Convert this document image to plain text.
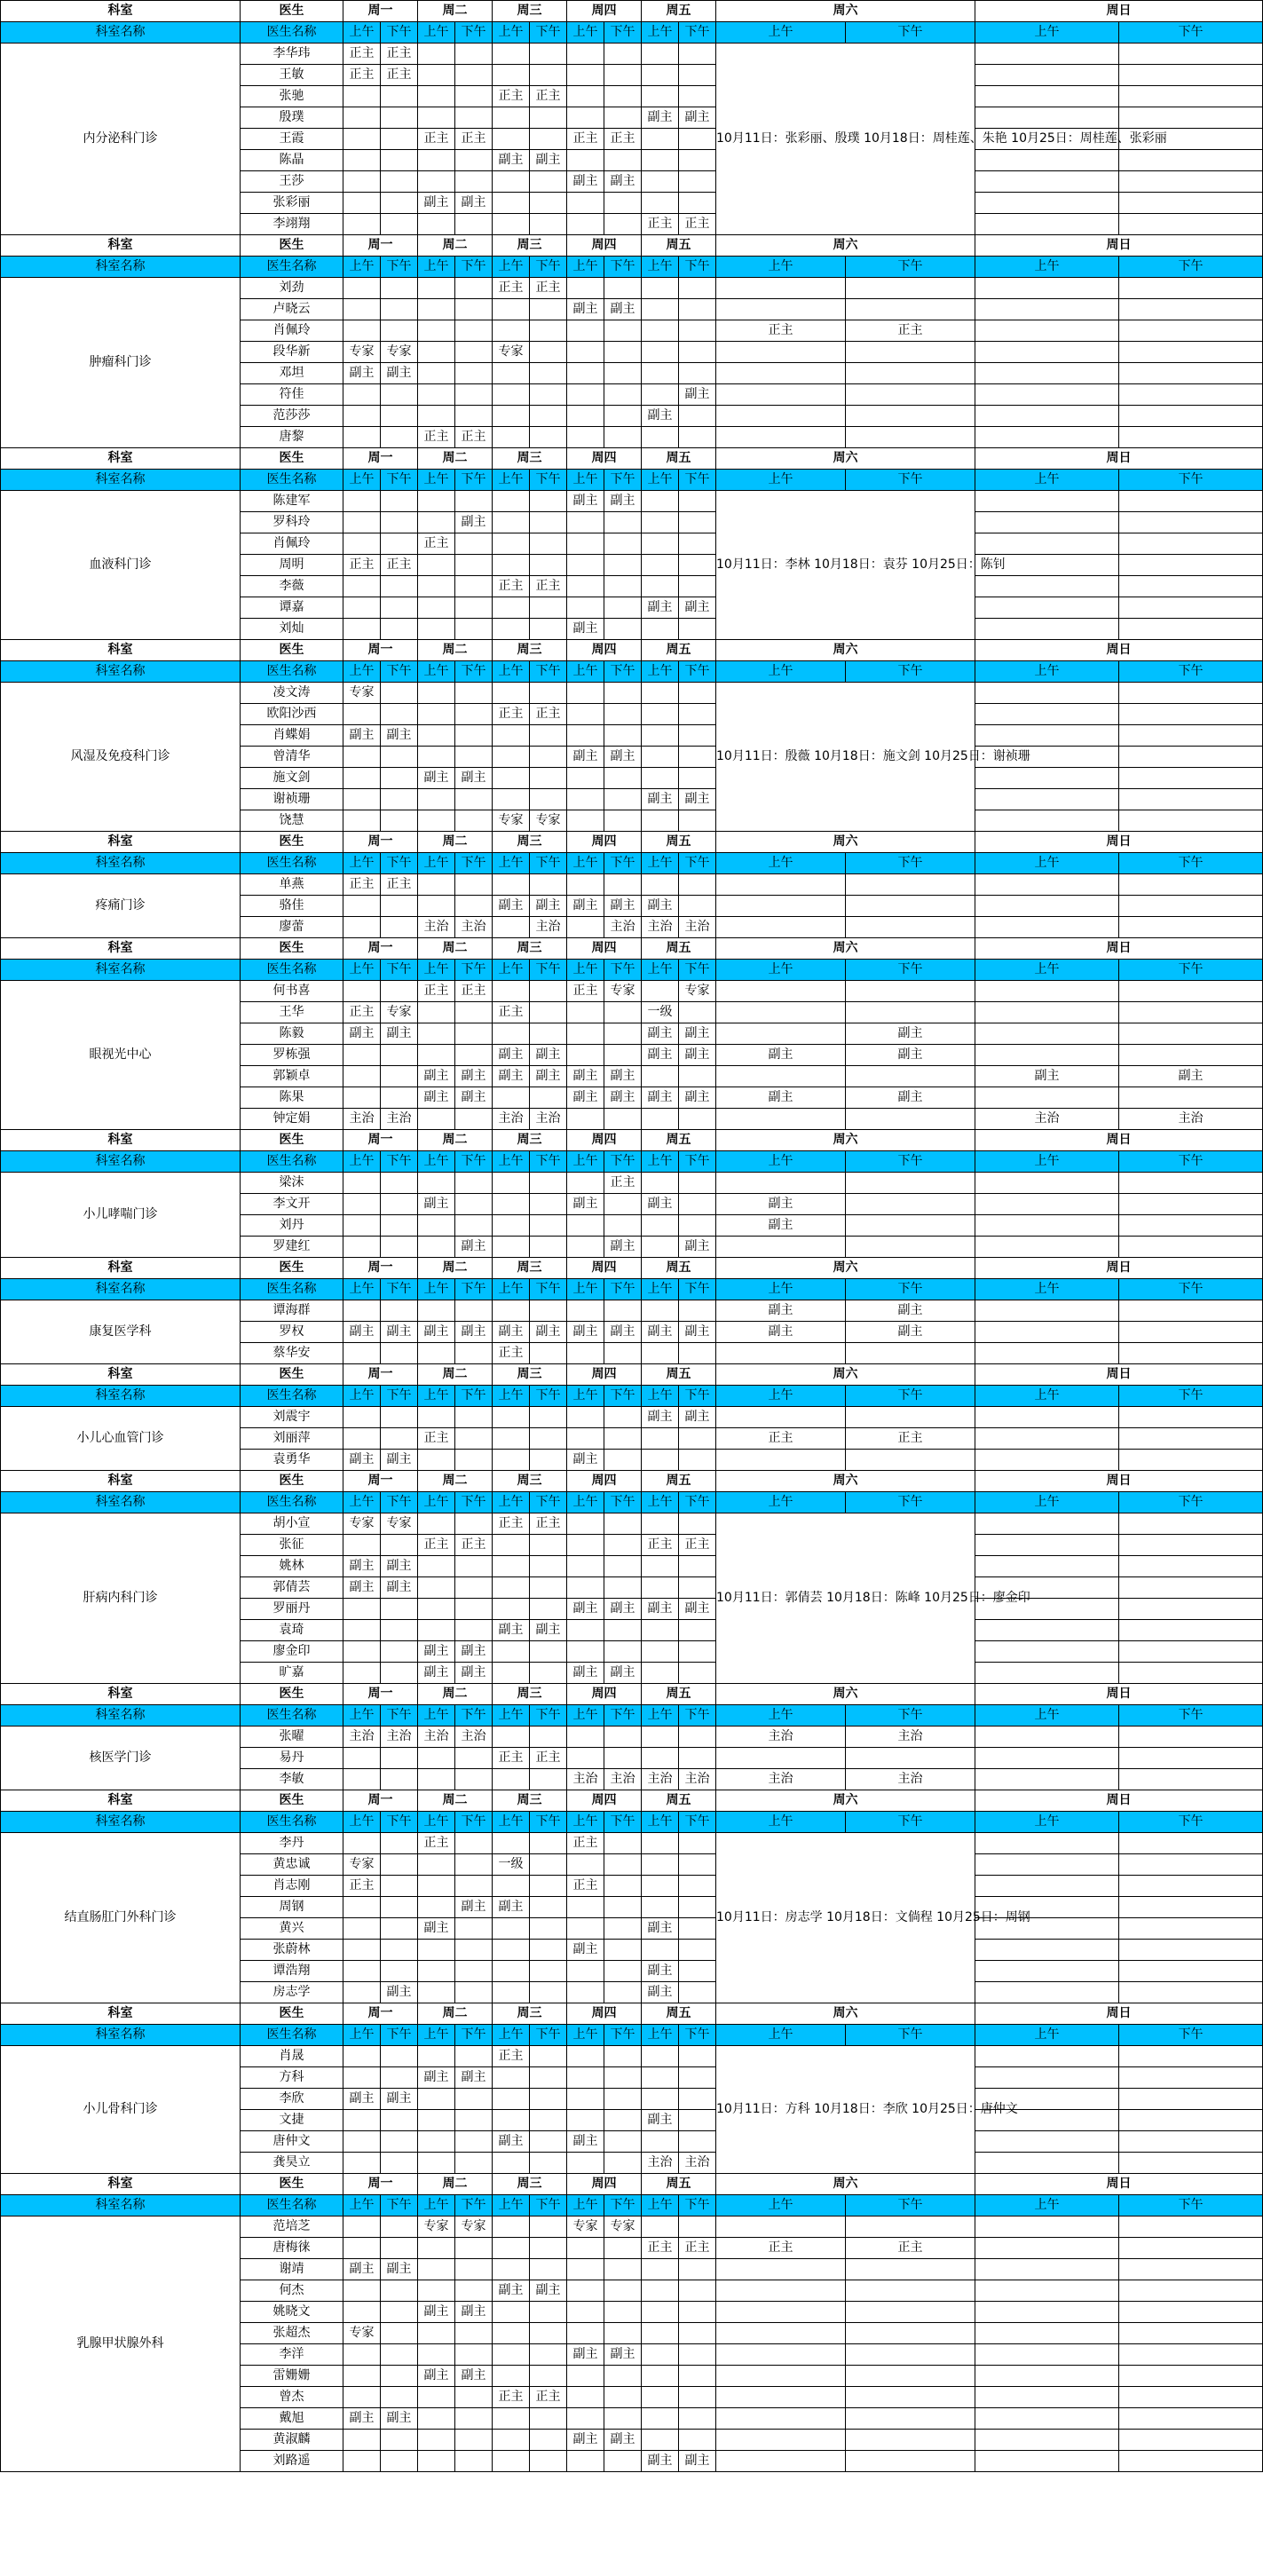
科室	医生	周一		周二		周三		周四		周五		周六		周日	
科室名称	医生名称	上午	下午	上午	下午	上午	下午	上午	下午	上午	下午	上午	下午	上午	下午
内分泌科门诊	李华玮	正主	正主									10月11日：张彩丽、殷璞 10月18日：周桂莲、朱艳 10月25日：周桂莲、张彩丽			
	王敏	正主	正主												
	张驰					正主	正主								
	殷璞									副主	副主				
	王霞			正主	正主			正主	正主						
	陈晶					副主	副主								
	王莎							副主	副主						
	张彩丽			副主	副主										
	李翊翔									正主	正主				
科室	医生	周一		周二		周三		周四		周五		周六		周日	
科室名称	医生名称	上午	下午	上午	下午	上午	下午	上午	下午	上午	下午	上午	下午	上午	下午
肿瘤科门诊	刘劲					正主	正主								
	卢晓云							副主	副主						
	肖佩玲											正主	正主		
	段华新	专家	专家			专家									
	邓坦	副主	副主												
	符佳										副主				
	范莎莎									副主					
	唐黎			正主	正主										
科室	医生	周一		周二		周三		周四		周五		周六		周日	
科室名称	医生名称	上午	下午	上午	下午	上午	下午	上午	下午	上午	下午	上午	下午	上午	下午
血液科门诊	陈建军							副主	副主			10月11日：李林 10月18日：袁芬 10月25日：陈钊			
	罗科玲				副主										
	肖佩玲			正主											
	周明	正主	正主												
	李薇					正主	正主								
	谭嘉									副主	副主				
	刘灿							副主							
科室	医生	周一		周二		周三		周四		周五		周六		周日	
科室名称	医生名称	上午	下午	上午	下午	上午	下午	上午	下午	上午	下午	上午	下午	上午	下午
风湿及免疫科门诊	凌文涛	专家										10月11日：殷薇 10月18日：施文剑 10月25日：谢祯珊			
	欧阳沙西					正主	正主								
	肖蝶娟	副主	副主												
	曾清华							副主	副主						
	施文剑			副主	副主										
	谢祯珊									副主	副主				
	饶慧					专家	专家								
科室	医生	周一		周二		周三		周四		周五		周六		周日	
科室名称	医生名称	上午	下午	上午	下午	上午	下午	上午	下午	上午	下午	上午	下午	上午	下午
疼痛门诊	单燕	正主	正主												
	骆佳					副主	副主	副主	副主	副主					
	廖蕾			主治	主治		主治		主治	主治	主治				
科室	医生	周一		周二		周三		周四		周五		周六		周日	
科室名称	医生名称	上午	下午	上午	下午	上午	下午	上午	下午	上午	下午	上午	下午	上午	下午
眼视光中心	何书喜			正主	正主			正主	专家		专家				
	王华	正主	专家			正主				一级					
	陈毅	副主	副主							副主	副主		副主		
	罗栋强					副主	副主			副主	副主	副主	副主		
	郭颖卓			副主	副主	副主	副主	副主	副主					副主	副主
	陈果			副主	副主			副主	副主	副主	副主	副主	副主		
	钟定娟	主治	主治			主治	主治							主治	主治
科室	医生	周一		周二		周三		周四		周五		周六		周日	
科室名称	医生名称	上午	下午	上午	下午	上午	下午	上午	下午	上午	下午	上午	下午	上午	下午
小儿哮喘门诊	梁沫								正主						
	李文开			副主				副主		副主		副主			
	刘丹											副主			
	罗建红				副主				副主		副主				
科室	医生	周一		周二		周三		周四		周五		周六		周日	
科室名称	医生名称	上午	下午	上午	下午	上午	下午	上午	下午	上午	下午	上午	下午	上午	下午
康复医学科	谭海群											副主	副主		
	罗权	副主	副主	副主	副主	副主	副主	副主	副主	副主	副主	副主	副主		
	蔡华安					正主									
科室	医生	周一		周二		周三		周四		周五		周六		周日	
科室名称	医生名称	上午	下午	上午	下午	上午	下午	上午	下午	上午	下午	上午	下午	上午	下午
小儿心血管门诊	刘震宇									副主	副主				
	刘丽萍			正主								正主	正主		
	袁勇华	副主	副主					副主							
科室	医生	周一		周二		周三		周四		周五		周六		周日	
科室名称	医生名称	上午	下午	上午	下午	上午	下午	上午	下午	上午	下午	上午	下午	上午	下午
肝病内科门诊	胡小宣	专家	专家			正主	正主					10月11日：郭倩芸 10月18日：陈峰 10月25日：廖金印			
	张征			正主	正主					正主	正主				
	姚林	副主	副主												
	郭倩芸	副主	副主												
	罗丽丹							副主	副主	副主	副主				
	袁琦					副主	副主								
	廖金印			副主	副主										
	旷嘉			副主	副主			副主	副主						
科室	医生	周一		周二		周三		周四		周五		周六		周日	
科室名称	医生名称	上午	下午	上午	下午	上午	下午	上午	下午	上午	下午	上午	下午	上午	下午
核医学门诊	张曜	主治	主治	主治	主治							主治	主治		
	易丹					正主	正主								
	李敏							主治	主治	主治	主治	主治	主治		
科室	医生	周一		周二		周三		周四		周五		周六		周日	
科室名称	医生名称	上午	下午	上午	下午	上午	下午	上午	下午	上午	下午	上午	下午	上午	下午
结直肠肛门外科门诊	李丹			正主				正主				10月11日：房志学 10月18日：文倘程 10月25日：周钢			
	黄忠诚	专家				一级									
	肖志刚	正主						正主							
	周钢				副主	副主									
	黄兴			副主						副主					
	张蔚林							副主							
	谭浩翔									副主					
	房志学		副主							副主					
科室	医生	周一		周二		周三		周四		周五		周六		周日	
科室名称	医生名称	上午	下午	上午	下午	上午	下午	上午	下午	上午	下午	上午	下午	上午	下午
小儿骨科门诊	肖晟					正主						10月11日：方科 10月18日：李欣 10月25日：唐仲文			
	方科			副主	副主										
	李欣	副主	副主												
	文捷									副主					
	唐仲文					副主		副主							
	龚昊立									主治	主治				
科室	医生	周一		周二		周三		周四		周五		周六		周日	
科室名称	医生名称	上午	下午	上午	下午	上午	下午	上午	下午	上午	下午	上午	下午	上午	下午
乳腺甲状腺外科	范培芝			专家	专家			专家	专家						
	唐梅徕									正主	正主	正主	正主		
	谢靖	副主	副主												
	何杰					副主	副主								
	姚晓文			副主	副主										
	张超杰	专家													
	李洋							副主	副主						
	雷姗姗			副主	副主										
	曾杰					正主	正主								
	戴旭	副主	副主												
	黄淑麟							副主	副主						
	刘路遥									副主	副主				
